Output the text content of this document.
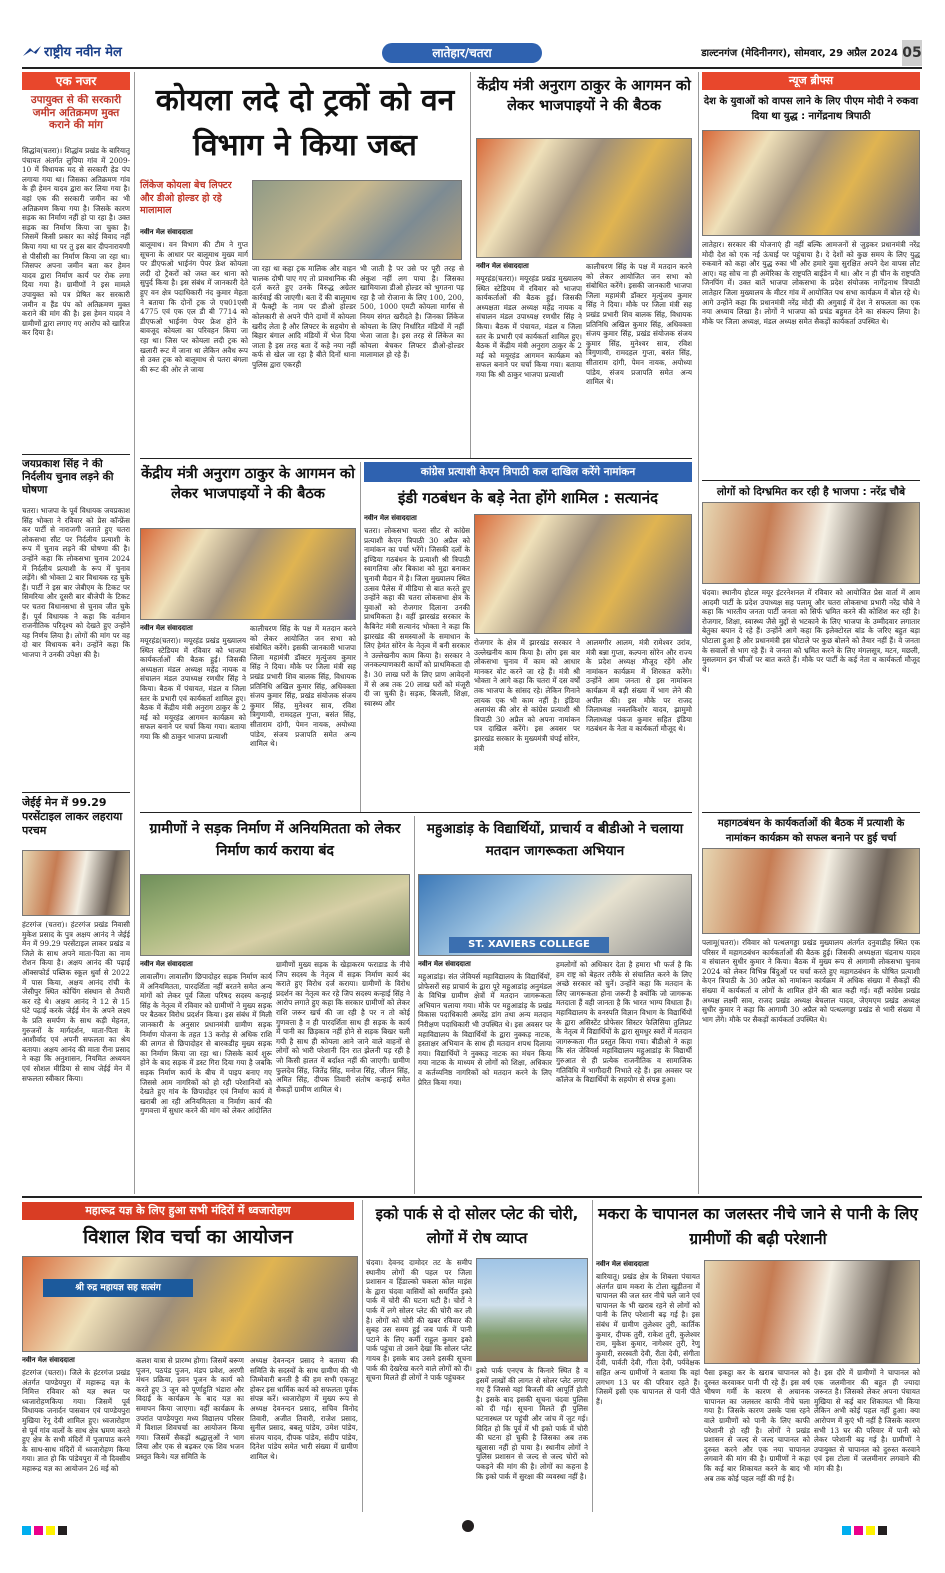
राष्ट्रीय नवीन मेल	लातेहार/चतरा	डाल्टनगंज (मेदिनीनगर), सोमवार, 29 अप्रैल 2024 05
एक नजर
उपायुक्त से की सरकारी जमीन अतिक्रमण मुक्त कराने की मांग
सिद्धांव(चतरा)। शिद्धांव प्रखंड के बारियातू पंचायत अंतर्गत लुपिया गांव में 2009-10 में विधायक मद से सरकारी हेड पंप लगाया गया था। जिसका अतिक्रमण गांव के ही हेमन यादव द्वारा कर लिया गया है। वहां एक की सरकारी जमीन का भी अतिक्रमण किया गया है। जिसके कारण सड़क का निर्माण नहीं हो पा रहा है। उक्त सड़क का निर्माण किया जा चुका है। जिसमें किसी प्रकार का कोई विवाद नहीं किया गया था पर तु इस बार दीपनारायणी से पीसीसी का निर्माण किया जा रहा था। जिसपर अपना जमीन बता कर हेमन यादव द्वारा निर्माण कार्य पर रोक लगा दिया गया है। ग्रामीणों ने इस मामले उपायुक्त को पत्र प्रेषित कर सरकारी जमीन व हैंड पंप को अतिक्रमण मुक्त कराने की मांग की है। इस हेमन यादव ने ग्रामीणों द्वारा लगाए गए आरोप को खारिज कर दिया है।
जयप्रकाश सिंह ने की निर्दलीय चुनाव लड़ने की घोषणा
चतरा। भाजपा के पूर्व विधायक जयप्रकाश सिंह भोक्ता ने रविवार को प्रेस कॉन्फ्रेंस कर पार्टी से नाराजगी जताते हुए चतरा लोकसभा सीट पर निर्दलीय प्रत्याशी के रूप में चुनाव लड़ने की घोषणा की है। उन्होंने कहा कि लोकसभा चुनाव 2024 में निर्दलीय प्रत्याशी के रूप में चुनाव लड़ेंगे। श्री भोक्ता 2 बार विधायक रह चुके हैं। पार्टी ने इस बार जेबीएम के टिकट पर सिमरिया और दूसरी बार बीजेपी के टिकट पर चतरा विधानसभा से चुनाव जीत चुके हैं। पूर्व विधायक ने कहा कि वर्तमान राजनीतिक परिदृश्य को देखते हुए उन्होंने यह निर्णय लिया है। लोगों की मांग पर वह दो बार विधायक बने। उन्होंने कहा कि भाजपा ने उनकी उपेक्षा की है।
जेईई मेन में 99.29 परसेंटाइल लाकर लहराया परचम
हंटरगंज (चतरा)। हंटरगंज प्रखंड निवासी मुकेश प्रसाद के पुत्र अक्षय आनंद ने जेईई मेन में 99.29 परसेंटाइल लाकर प्रखंड व जिले के साथ अपने माता-पिता का नाम रोशन किया है। अक्षय आनंद की पढ़ाई ऑक्सफोर्ड पब्लिक स्कूल धुर्वा से 2022 में पास किया, अक्षय आनंद रांची के जेसीपुर स्थित कोचिंग संस्थान से तैयारी कर रहे थे। अक्षय आनंद ने 12 से 15 घंटे पढ़ाई करके जेईई मेन के अपने लक्ष्य के प्रति समर्पण के साथ कड़ी मेहनत, गुरुजनों के मार्गदर्शन, माता-पिता के आशीर्वाद एवं अपनी सफलता का श्रेय बताया। अक्षय आनंद की माता रीना प्रसाद ने कहा कि अनुशासन, नियमित अध्ययन एवं सोशल मीडिया से साथ जेईई मेन में सफलता स्वीकार किया।
कोयला लदे दो ट्रकों को वन विभाग ने किया जब्त
लिंकेज कोयला बेच लिफ्टर और डीओ होल्डर हो रहे मालामाल
नवीन मेल संवाददाता
बालूमाथ। वन विभाग की टीम ने गुप्त सूचना के आधार पर बालूमाथ मुख्य मार्ग पर डीएफओ भाईनंग पेपर फ्रेश कोयला लदी दो ट्रैकरों को जब्त कर थाना को सुपुर्द किया है। इस संबंध में जानकारी देते हुए वन क्षेत्र पदाधिकारी नंद कुमार मेहता ने बताया कि दोनों ट्रक जे एच01एसी 4775 एवं एक एल डी बी 7714 को डीएफओ भाईनंग पेपर फ्रेश होने के बावजूद कोयला का परिवहन किया जा रहा था। जिस पर कोयला लदी ट्रक को खलारी रूट में जाना था लेकिन अवैध रूप से उक्त ट्रक को बालूमाथ से पतरा बंगला की रूट की ओर ले जाया
जा रहा था कहा ट्रक मालिक और वाहन चालक दोषी पाए गए तो प्रावधानिक की दर्ज करते हुए उनके विरुद्ध अग्रेतर कार्रवाई की जाएगी। बता दें की बालूमाथ में फैक्ट्री के नाम पर डीओ होल्डर कोलकारी से अपने पीने दामों में कोयला खरीद लेता है और लिफ्टर के सहयोग से बिहार बंगाल आदि मंडियों में भेज दिया जाता है इस तरह बता दें कहे नया नहीं कर्फ से खेल जा रहा है बीते दिनों थाना पुलिस द्वारा एकरही
भी जाती है पर उसे पर पूरी तरह से अंकुश नहीं लग पाया है। जिसका खामियाजा डीओ होल्डर को भुगतना पड़ रहा है जो रोजाना के लिए 100, 200, 500, 1000 एमटी कोयला मार्गस से नियम संगत खरीदते है। जिनका लिंकेज कोयला के लिए निर्धारित मंडियों में नहीं भेजा जाता है। इस तरह से लिंकेज का कोयला बेचकर लिफ्टर डीओ-होल्डर मालामाल हो रहे हैं।
केंद्रीय मंत्री अनुराग ठाकुर के आगमन को लेकर भाजपाइयों ने की बैठक
नवीन मेल संवाददाता
मयूरहंड(चतरा)। मयूरहंड प्रखंड मुख्यालय स्थित स्टेडियम में रविवार को भाजपा कार्यकर्ताओं की बैठक हुई। जिसकी अध्यक्षता मंडल अध्यक्ष महेंद्र नायक व संचालन मंडल उपाध्यक्ष रणधीर सिंह ने किया। बैठक में पंचायत, मंडल व जिला स्तर के प्रभारी एवं कार्यकर्ता शामिल हुए। बैठक में केंद्रीय मंत्री अनुराग ठाकुर के 2 मई को मयूरहंड आगमन कार्यक्रम को सफल बनाने पर चर्चा किया गया। बताया गया कि श्री ठाकुर भाजपा प्रत्याशी
कालीचरण सिंह के पक्ष में मतदान करने को लेकर आयोजित जन सभा को संबोधित करेंगे। इसकी जानकारी भाजपा जिला महामंत्री डॉक्टर मृत्युंजय कुमार सिंह ने दिया। मौके पर जिला मंत्री सह प्रखंड प्रभारी शिव बालक सिंह, विधायक प्रतिनिधि अखिल कुमार सिंह, अधिवक्ता संजय कुमार सिंह, प्रखंड संयोजक संजय कुमार सिंह, मुनेश्वर साव, रविश त्रिगुणायी, रामदहल गुप्ता, बसंत सिंह, सीताराम दांगी, पेमन नायक, अयोध्या पांडेय, संजय प्रजापति समेत अन्य शामिल थे।
केंद्रीय मंत्री अनुराग ठाकुर के आगमन को लेकर भाजपाइयों ने की बैठक
नवीन मेल संवाददाता
मयूरहंड(चतरा)। मयूरहंड प्रखंड मुख्यालय स्थित स्टेडियम में रविवार को भाजपा कार्यकर्ताओं की बैठक हुई। जिसकी अध्यक्षता मंडल अध्यक्ष महेंद्र नायक व संचालन मंडल उपाध्यक्ष रणधीर सिंह ने किया। बैठक में पंचायत, मंडल व जिला स्तर के प्रभारी एवं कार्यकर्ता शामिल हुए। बैठक में केंद्रीय मंत्री अनुराग ठाकुर के 2 मई को मयूरहंड आगमन कार्यक्रम को सफल बनाने पर चर्चा किया गया। बताया गया कि श्री ठाकुर भाजपा प्रत्याशी
कालीचरण सिंह के पक्ष में मतदान करने को लेकर आयोजित जन सभा को संबोधित करेंगे। इसकी जानकारी भाजपा जिला महामंत्री डॉक्टर मृत्युंजय कुमार सिंह ने दिया। मौके पर जिला मंत्री सह प्रखंड प्रभारी शिव बालक सिंह, विधायक प्रतिनिधि अखिल कुमार सिंह, अधिवक्ता संजय कुमार सिंह, प्रखंड संयोजक संजय कुमार सिंह, मुनेश्वर साव, रविश त्रिगुणायी, रामदहल गुप्ता, बसंत सिंह, सीताराम दांगी, पेमन नायक, अयोध्या पांडेय, संजय प्रजापति समेत अन्य शामिल थे।
कांग्रेस प्रत्याशी केएन त्रिपाठी कल दाखिल करेंगे नामांकन
इंडी गठबंधन के बड़े नेता होंगे शामिल : सत्यानंद
नवीन मेल संवाददाता
चतरा। लोकसभा चतरा सीट से कांग्रेस प्रत्याशी केएन त्रिपाठी 30 अप्रैल को नामांकन का पर्चा भरेंगे। जिसकी दलों के इण्डिया गठबंधन के प्रत्याशी श्री त्रिपाठी स्वागतिया और बिकाश को मुद्रा बनाकर चुनावी मैदान में है। जिला मुख्यालय स्थित उत्सव पैलेस में मीडिया से बात करते हुए उन्होंने कहा की चतरा लोकसभा क्षेत्र के युवाओं को रोजगार दिलाना उनकी प्राथमिकता है। वहीं झारखंड सरकार के कैबिनेट मंत्री सत्यानंद भोक्ता ने कहा कि झारखंड की समस्याओं के समाधान के लिए हेमंत सोरेन के नेतृत्व में बनी सरकार ने उल्लेखनीय काम किया है। सरकार ने जनकल्याणकारी कार्यों को प्राथमिकता दी है। 30 लाख घरों के लिए प्राण आवेदनों में से अब तक 20 लाख घरों को मंजूरी दी जा चुकी है। सड़क, बिजली, शिक्षा, स्वास्थ्य और
रोजगार के क्षेत्र में झारखंड सरकार ने उल्लेखनीय काम किया है। लोग इस बार लोकसभा चुनाव में काम को आधार मानकर वोट करने जा रहे हैं। मंत्री श्री भोक्ता ने आगे कहा कि चतरा में दस वर्षों तक भाजपा के सांसद रहे। लेकिन गिनाने लायक एक भी काम नहीं है। इंडिया अलायंस की ओर से कांग्रेस प्रत्याशी श्री त्रिपाठी 30 अप्रैल को अपना नामांकन पत्र दाखिल करेंगे। इस अवसर पर झारखंड सरकार के मुख्यमंत्री चंपई सोरेन, मंत्री
आलमगीर आलम, मंत्री रामेश्वर उरांव, मंत्री बन्ना गुप्ता, कल्पना सोरेन और राज्य के प्रदेश अध्यक्ष मौजूद रहेंगे और नामांकन कार्यक्रम में शिरकत करेंगे। उन्होंने आम जनता से इस नामांकन कार्यक्रम में बड़ी संख्या में भाग लेने की अपील की। इस मौके पर राजद जिलाध्यक्ष नवलकिशोर यादव, झामुमो जिलाध्यक्ष पंकज कुमार सहित इंडिया गठबंधन के नेता व कार्यकर्ता मौजूद थे।
ग्रामीणों ने सड़क निर्माण में अनियमितता को लेकर निर्माण कार्य कराया बंद
नवीन मेल संवाददाता
लावालौंग। लावालौंग छिपादोहर सड़क निर्माण कार्य में अनियमितता, पारदर्शिता नहीं बरतने समेत अन्य मांगों को लेकर पूर्व जिला परिषद सदस्य कन्हाई सिंह के नेतृत्व में रविवार को ग्रामीणों ने मुख्य सड़क पर बैठकर विरोध प्रदर्शन किया। इस संबंध में मिली जानकारी के अनुसार प्रधानमंत्री ग्रामीण सड़क निर्माण योजना के तहत 13 करोड़ से अधिक राशि की लागत से छिपादोहर से बारकडीह मुख्य सड़क का निर्माण किया जा रहा था। जिसके कार्य शुरू होने के बाद सड़क में डस्ट गिरा दिया गया है जबकि सड़क निर्माण कार्य के बीच में पाइप बनाए गए जिससे आम नागरिकों को हो रही परेशानियों को देखते हुए गांव के छिपादोहर एवं निर्माण कार्य में खराबी आ रही अनियमितता व निर्माण कार्य की गुणवत्ता में सुधार करने की मांग को लेकर आंदोलित
ग्रामीणों मुख्य सड़क के खेड़ाकरम फराडाड के नीचे जिप सदस्य के नेतृत्व में सड़क निर्माण कार्य बंद कराते हुए विरोध दर्ज कराया। ग्रामीणों के विरोध प्रदर्शन का नेतृत्व कर रहे जिप सदस्य कन्हाई सिंह ने आरोप लगाते हुए कहा कि सरकार ग्रामीणों को लेकर राशि जरूर खर्च की जा रही है पर न तो कोई गुणवत्ता है न ही पारदर्शिता साथ ही सड़क के कार्य में पानी का छिड़काव नहीं होने से सड़क बिखर चली गयी है साथ ही कोयला आने जाने वाले वाहनों से लोगों को भारी परेशानी दिन रात झेलनी पड़ रही है जो किसी हालत में बर्दाश्त नहीं की जाएगी। ग्रामीण फुलदेव सिंह, जितेंद्र सिंह, मनोज सिंह, जीतन सिंह, अमित सिंह, दीपक तिवारी संतोष कन्हाई समेत सैकड़ों ग्रामीण शामिल थे।
महुआडांड़ के विद्यार्थियों, प्राचार्य व बीडीओ ने चलाया मतदान जागरूकता अभियान
ST. XAVIERS COLLEGE
नवीन मेल संवाददाता
महुआडांड़। संत जेवियर्स महाविद्यालय के विद्यार्थियों, प्रोफेसरों सह प्राचार्य के द्वारा पूरे महुआडांड़ अनुमंडल के विभिन्न ग्रामीण क्षेत्रों में मतदान जागरूकता अभियान चलाया गया। मौके पर महुआडांड़ के प्रखंड विकास पदाधिकारी अमरेंद्र डांग तथा अन्य मतदान निरीक्षण पदाधिकारी भी उपस्थित थे। इस अवसर पर महाविद्यालय के विद्यार्थियों के द्वारा नुक्कड़ नाटक, हस्ताक्षर अभियान के साथ ही मतदान शपथ दिलाया गया। विद्यार्थियों ने नुक्कड़ नाटक का मंचन किया गया नाटक के माध्यम से लोगों को शिक्षा, अधिकार व कर्तव्यनिष्ठ नागरिकों को मतदान करने के लिए प्रेरित किया गया।
हमलोगों को अधिकार देता है हमारा भी फर्ज है कि हम राष्ट्र को बेहतर तरीके से संचालित करने के लिए अच्छे सरकार को चुनें। उन्होंने कहा कि मतदान के लिए जागरूकता होना जरूरी है क्योंकि जो जागरूक मतदाता हैं वही जानता है कि भारत भाग्य विधाता हैं। महाविद्यालय के वनस्पति विज्ञान विभाग के विद्यार्थियों के द्वारा असिस्टेंट प्रोफेसर सिस्टर फेलिसिया तुलिप्रट के नेतृत्व में विद्यार्थियों के द्वारा सुमधुर स्वरों में मतदान जागरूकता गीत प्रस्तुत किया गया। बीडीओ ने कहा कि संत जेवियर्स महाविद्यालय महुआडांड़ के विद्यार्थी गुरुआत से ही प्रत्येक राजनीतिक व सामाजिक गतिविधि में भागीदारी निभाते रहे हैं। इस अवसर पर कॉलेज के विद्यार्थियों के सहयोग से संपन्न हुआ।
न्यूज ब्रीफ्स
देश के युवाओं को वापस लाने के लिए पीएम मोदी ने रुकवा दिया था युद्ध : नागेंद्रनाथ त्रिपाठी
लातेहार। सरकार की योजनाएं ही नहीं बल्कि आमजनों से जुड़कर प्रधानमंत्री नरेंद्र मोदी देश को एक नई ऊंचाई पर पहुंचाया है। दे देशों को कुछ समय के लिए युद्ध रुकवाने को कहा और युद्ध रुका भी और हमारे युवा सुरक्षित अपने देश वापस लौट आए। यह सोच ना ही अमेरिका के राष्ट्रपति बाईडेन में था। और न ही चीन के राष्ट्रपति जिनपिंग में। उक्त बातें भाजपा लोकसभा के प्रदेश संयोजक नागेंद्रनाथ त्रिपाठी लातेहार जिला मुख्यालय के मीटर गांव में आयोजित पथ सभा कार्यक्रम में बोल रहे थे। आगे उन्होंने कहा कि प्रधानमंत्री नरेंद्र मोदी की अगुवाई में देश ने सफलता का एक नया अध्याय लिखा है। लोगों ने भाजपा को प्रचंड बहुमत देने का संकल्प लिया है। मौके पर जिला अध्यक्ष, मंडल अध्यक्ष समेत सैकड़ों कार्यकर्ता उपस्थित थे।
लोगों को दिग्भ्रमित कर रही है भाजपा : नरेंद्र चौबे
चंदवा। स्थानीय होटल मयूर इंटरनेशनल में रविवार को आयोजित प्रेस वार्ता में आम आदमी पार्टी के प्रदेश उपाध्यक्ष सह पलामू और चतरा लोकसभा प्रभारी नरेंद्र चौबे ने कहा कि भारतीय जनता पार्टी जनता को सिर्फ भ्रमित करने की कोशिश कर रही है। रोजगार, शिक्षा, स्वास्थ्य जैसे मुद्दों से भटकाने के लिए भाजपा के उम्मीदवार लगातार बेतुका बयान दे रहे हैं। उन्होंने आगे कहा कि इलेक्टोरल बांड के जरिए बहुत बड़ा घोटाला हुआ है और प्रधानमंत्री इस घोटाले पर कुछ बोलने को तैयार नहीं हैं। वे जनता के सवालों से भाग रहे हैं। वे जनता को भ्रमित करने के लिए मंगलसूत्र, मटन, मछली, मुसलमान इन चीजों पर बात करते हैं। मौके पर पार्टी के कई नेता व कार्यकर्ता मौजूद थे।
महागठबंधन के कार्यकर्ताओं की बैठक में प्रत्याशी के नामांकन कार्यक्रम को सफल बनाने पर हुई चर्चा
पलामू(चतरा)। रविवार को पत्थलगड्डा प्रखंड मुख्यालय अंतर्गत दनुवाडीह स्थित एक परिसर में महागठबंधन कार्यकर्ताओं की बैठक हुई। जिसकी अध्यक्षता चंद्रनाथ यादव व संचालन सुधीर कुमार ने किया। बैठक में मुख्य रूप से आगामी लोकसभा चुनाव 2024 को लेकर विभिन्न बिंदुओं पर चर्चा करते हुए महागठबंधन के घोषित प्रत्याशी केएन त्रिपाठी के 30 अप्रैल को नामांकन कार्यक्रम में अधिक संख्या में सैकड़ों की संख्या में कार्यकर्ता व लोगों के शामिल होने की बात कही गई। वहीं कांग्रेस प्रखंड अध्यक्ष लक्ष्मी साव, राजद प्रखंड अध्यक्ष बेचलाल यादव, जेएमएम प्रखंड अध्यक्ष सुधीर कुमार ने कहा कि आगामी 30 अप्रैल को पत्थलगड्डा प्रखंड से भारी संख्या में भाग लेंगे। मौके पर सैकड़ों कार्यकर्ता उपस्थित थे।
महारूद्र यज्ञ के लिए हुआ सभी मंदिरों में ध्वजारोहण
विशाल शिव चर्चा का आयोजन
श्री रुद्र महायज्ञ सह सत्संग
नवीन मेल संवाददाता
हंटरगंज (चतरा)। जिले के हंटरगंज प्रखंड अंतर्गत पाण्डेयपुरा में महारूद्र यज्ञ के निमित्त रविवार को यज्ञ स्थल पर ध्वजारोहणकिया गया। जिसमें पूर्व विधायक जनार्दन पासवान एवं पाण्डेयपुरा मुखिया रेनू देवी शामिल हुए। ध्वजारोहण से पूर्व गांव वालों के साथ क्षेत्र भ्रमण करते हुए क्षेत्र के सभी मंदिरों में पूजापाठ करने के साथ-साथ मंदिरों में ध्वजारोहण किया गया। ज्ञात हो कि पांडेयपुरा में नौ दिवसीय महारूद्र यज्ञ का आयोजन 26 मई को
कलश यात्रा से प्रारम्भ होगा। जिसमें बरूण पूजन, पठपंड पुजन, मंडप प्रवेश, अरणी मंथन प्रक्रिया, हवन पूजन के कार्य को करते हुए 3 जून को पूर्णाहुति भंडारा और विदाई के कार्यक्रम के बाद यज्ञ का समापन किया जाएगा। वहीं कार्यक्रम के उपरांत पाण्डेयपुरा मध्य विद्यालय परिसर में विशाल शिवचर्चा का आयोजन किया गया। जिसमें सैकड़ों श्रद्धालुओं ने भाग लिया और एक से बढ़कर एक शिव भजन प्रस्तुत किये। यज्ञ समिति के
अध्यक्ष देवनन्दन प्रसाद ने बताया की समिति के सदस्यों के साथ ग्रामीण की भी जिम्मेवारी बनती है की हम सभी एकजुट होकर इस धार्मिक कार्य को सफलता पूर्वक संपन्न करें। ध्वजारोहण में मुख्य रूप से अध्यक्ष देवनन्दन प्रसाद, सचिव विनोद तिवारी, अजीत तिवारी, राजेश प्रसाद, सुनील प्रसाद, बबलू पांडेय, उमेश पांडेय, संजय यादव, दीपक पांडेय, संदीप पांडेय, दिनेश पांडेय समेत भारी संख्या में ग्रामीण शामिल थे।
इको पार्क से दो सोलर प्लेट की चोरी, लोगों में रोष व्याप्त
चंदवा। देवनद दामोदर तट के समीप स्थानीय लोगों की पहल पर जिला प्रशासन व हिंडाल्को चकला कोल माइंस के द्वारा चंदवा वासियों को समर्पित इको पार्क में चोरी की घटना घटी है। चोरों ने पार्क में लगे सोलर प्लेट की चोरी कर ली है। लोगों को चोरी की खबर रविवार की सुबह उस समय हुई जब पार्क में पानी पटाने के लिए कर्मी राहुल कुमार इको पार्क पहुंचा तो उसने देखा कि सोलर प्लेट गायब है। इसके बाद उसने इसकी सूचना पार्क की देखरेख करने वाले लोगों को दी। सूचना मिलते ही लोगों ने पार्क पहुंचकर
इको पार्क एनएच के किनारे स्थित है व इसमें लाखों की लागत से सोलर प्लेट लगाए गए हैं जिससे यहां बिजली की आपूर्ति होती है। इसके बाद इसकी सूचना चंदवा पुलिस को दी गई। सूचना मिलते ही पुलिस घटनास्थल पर पहुंची और जांच में जुट गई। विदित हो कि पूर्व में भी इको पार्क में चोरी की घटना हो चुकी है जिसका अब तक खुलासा नहीं हो पाया है। स्थानीय लोगों ने पुलिस प्रशासन से जल्द से जल्द चोरों को पकड़ने की मांग की है। लोगों का कहना है कि इको पार्क में सुरक्षा की व्यवस्था नहीं है।
मकरा के चापानल का जलस्तर नीचे जाने से पानी के लिए ग्रामीणों की बढ़ी परेशानी
नवीन मेल संवाददाता
बारियातू। प्रखंड क्षेत्र के शिबला पंचायत अंतर्गत ग्राम मकरा के टोला खुड़ीतना में चापानल की जल स्तर नीचे चले जाने एवं चापानल के भी खराब रहने से लोगों को पानी के लिए परेशानी बढ़ गई है। इस संबंध में ग्रामीण तुलेश्वर तुरी, कार्तिक कुमार, दीपक तुरी, राकेश तुरी, कुलेश्वर राम, मुकेश कुमार, नागेश्वर तुरी, रेणु कुमारी, सरस्वती देवी, रीता देवी, संगीता देवी, पार्वती देवी, गीता देवी, पर्यवेक्षक सहित अन्य ग्रामीणों ने बताया कि वहां लगभग 13 घर की परिवार रहते हैं। जिसमें इसी एक चापानल से पानी पीते हैं।
पैसा इकट्ठा कर के खराब चापानल को दुरुस्त करवाकर पानी पी रहे हैं। इस वर्ष भीषण गर्मी के कारण से अचानक चापानल का जलस्तर काफी नीचे चला गया है। जिसके कारण उसके पास रहने वाले ग्रामीणों को पानी के लिए काफी परेशानी हो रही है। लोगों ने प्रखंड प्रशासन से जल्द से जल्द चापानल को दुरुस्त करने और एक नया चापानल लगवाने की मांग की है। ग्रामीणों ने कहा कि कई बार शिकायत करने के बाद भी अब तक कोई पहल नहीं की गई है।
है। इस दौरे में ग्रामीणों ने चापानल को एक जलमीनार की बहुत ही ज्यादा जरूरत है। जिसको लेकर अपना पंचायत मुखिया से कई बार शिकायत भी किया लेकिन अभी कोई पहल नहीं हुआ। क्या आरोपण में कुएं भी नहीं है जिसके कारण सभी 13 घर की परिवार में पानी को लेकर परेशानी बढ़ गई है। ग्रामीणों ने उपायुक्त से चापानल को दुरुस्त करवाने एवं इस टोला में जलमीनार लगवाने की मांग की है।
